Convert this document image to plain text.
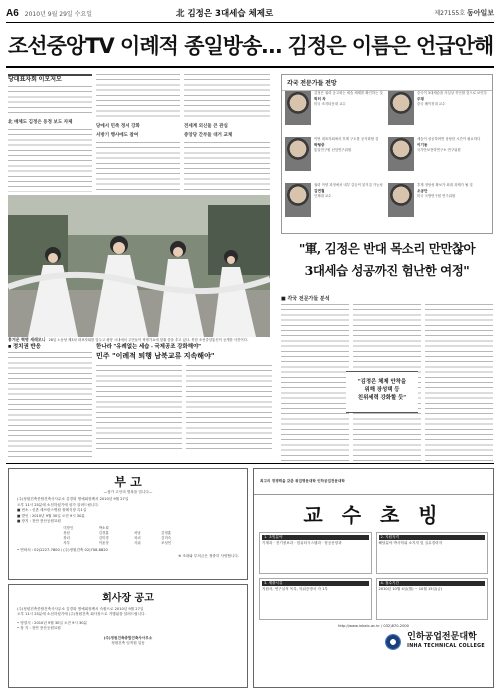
A6 2010년 9월 29일 수요일	北 김정은 3대세습 체제로	제27155호 동아일보
조선중앙TV 이례적 종일방송… 김정은 이름은 언급안해
당대표자회 이모저모
北 매체도 김정은 동정 보도 자제
당에서 민족 정서 강화
서방기 행사에도 참여
전세계 외신들 큰 관심
중앙당 간부들 대거 교체
흥겨운 혁명 세레모니 28일 노동당 제3차 대표자회를 앞두고 평양 시내에서 주민들이 혁명가요에 맞춰 춤을 추고 있다. 북한 조선중앙통신이 공개한 사진이다.
각국 전문가들 전망
김정은 권력 공고화는 세습 체제를 확인하는 것
빅터 차
미국 조지타운대 교수
중국이 3대세습을 사실상 묵인할 것으로 보인다
주펑
중국 베이징대 교수
이번 대표자회에서 후계 구도를 공식화할 것
박형중
통일연구원 선임연구위원
세습이 성공하려면 상당한 시간이 필요하다
이기동
국가안보전략연구소 연구위원
권력 이양 과정에서 내부 갈등이 불거질 가능성
김연철
인제대 교수
후계 정당성 확보가 최대 과제가 될 것
오공단
미국 국방연구원 연구위원
"軍, 김정은 반대 목소리 만만찮아
3대세습 성공까진 험난한 여정"
■ 각국 전문가들 분석
"김정은 체제 안착을
위해 장성택 등
친위세력 강화할 듯"
■ 정치권 반응	한나라 "유례없는 세습 - 국제공조 강화해야"
민주 "이례적 퇴행 남북교류 지속해야"
부 고
—삼가 고인의 명복을 빕니다—
(주)정원건축종합건축사사무소 김경화 명예회장께서 2010년 9월 27일
오후 11시 25분에 소천하셨기에 삼가 알려드립니다.
■ 빈소 : 신촌 세브란스병원 장례식장 특1실
■ 발인 : 2010년 9월 30일 오전 9시 30분
■ 장지 : 천안 풍산공원묘원
미망인	박소희		
장남	김경훈	차남	김영훈
장녀	김미경	차녀	김미숙
자부	이윤정	사위	조성민
• 연락처 : 02)2227-7800 / (주)정원건축 02)708-8820
※ 조화와 부의금은 정중히 사양합니다.
회사장 공고
(주)정원건축종합건축사사무소 김경화 명예회장께서 숙환으로 2010년 9월 27일
오후 11시 25분에 소천하셨기에 (주)정원건축 회사장으로 거행됨을 알려드립니다.
• 영결식 : 2010년 9월 30일 오전 9시 30분
• 장 지 : 천안 풍산공원묘원
(주)정원건축종합건축사사무소
정원건축 임직원 일동
최고의 경쟁력을 갖춘 취업명문대학 인하공업전문대학
교 수 초 빙
1. 초빙분야
기계과 · 전기정보과 · 컴퓨터시스템과 · 항공운항과
2. 지원자격
해당분야 박사학위 소지자 및 실무경력자
3. 제출서류
지원서, 연구실적 목록, 학위증명서 각 1부
4. 접수기간
2010년 10월 4일(월) ~ 10월 15일(금)
http://www.inhatc.ac.kr / 032)870-2000
인하공업전문대학
INHA TECHNICAL COLLEGE
